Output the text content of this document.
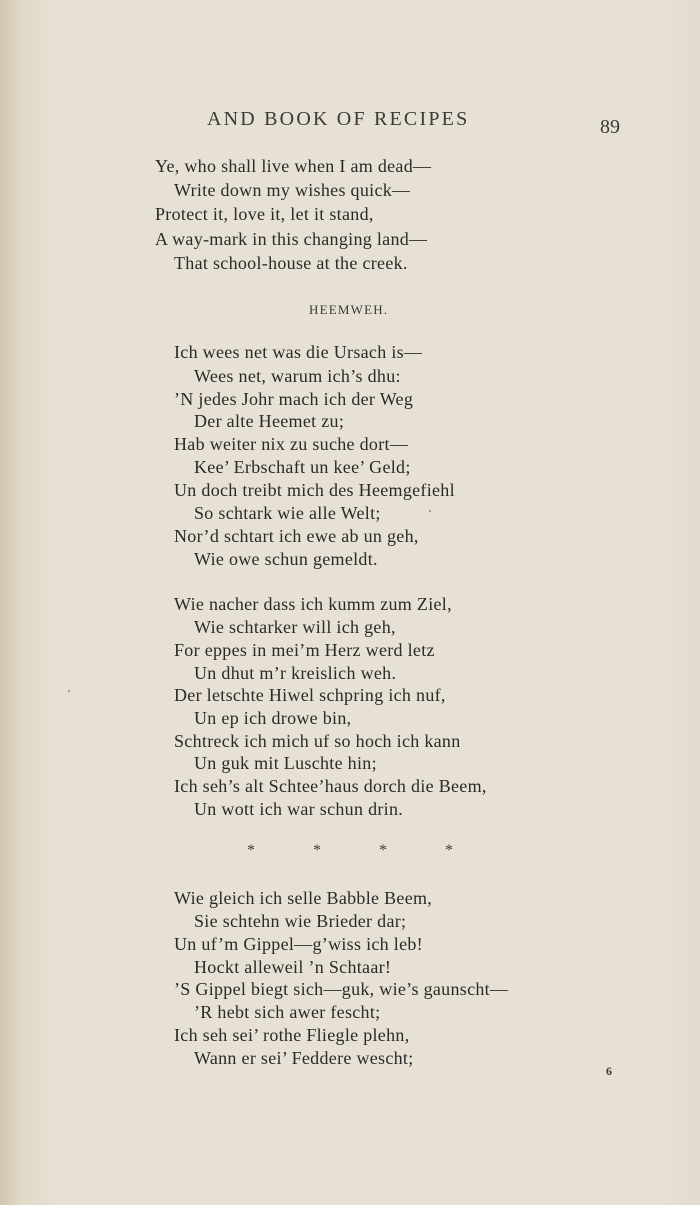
AND BOOK OF RECIPES	89
Ye, who shall live when I am dead—
Write down my wishes quick—
Protect it, love it, let it stand,
A way-mark in this changing land—
That school-house at the creek.
HEEMWEH.
Ich wees net was die Ursach is—
Wees net, warum ich’s dhu:
’N jedes Johr mach ich der Weg
Der alte Heemet zu;
Hab weiter nix zu suche dort—
Kee’ Erbschaft un kee’ Geld;
Un doch treibt mich des Heemgefiehl
So schtark wie alle Welt;
Nor’d schtart ich ewe ab un geh,
Wie owe schun gemeldt.
Wie nacher dass ich kumm zum Ziel,
Wie schtarker will ich geh,
For eppes in mei’m Herz werd letz
Un dhut m’r kreislich weh.
Der letschte Hiwel schpring ich nuf,
Un ep ich drowe bin,
Schtreck ich mich uf so hoch ich kann
Un guk mit Luschte hin;
Ich seh’s alt Schtee’haus dorch die Beem,
Un wott ich war schun drin.
*	*	*	*
Wie gleich ich selle Babble Beem,
Sie schtehn wie Brieder dar;
Un uf’m Gippel—g’wiss ich leb!
Hockt alleweil ’n Schtaar!
’S Gippel biegt sich—guk, wie’s gaunscht—
’R hebt sich awer fescht;
Ich seh sei’ rothe Fliegle plehn,
Wann er sei’ Feddere wescht;
6
